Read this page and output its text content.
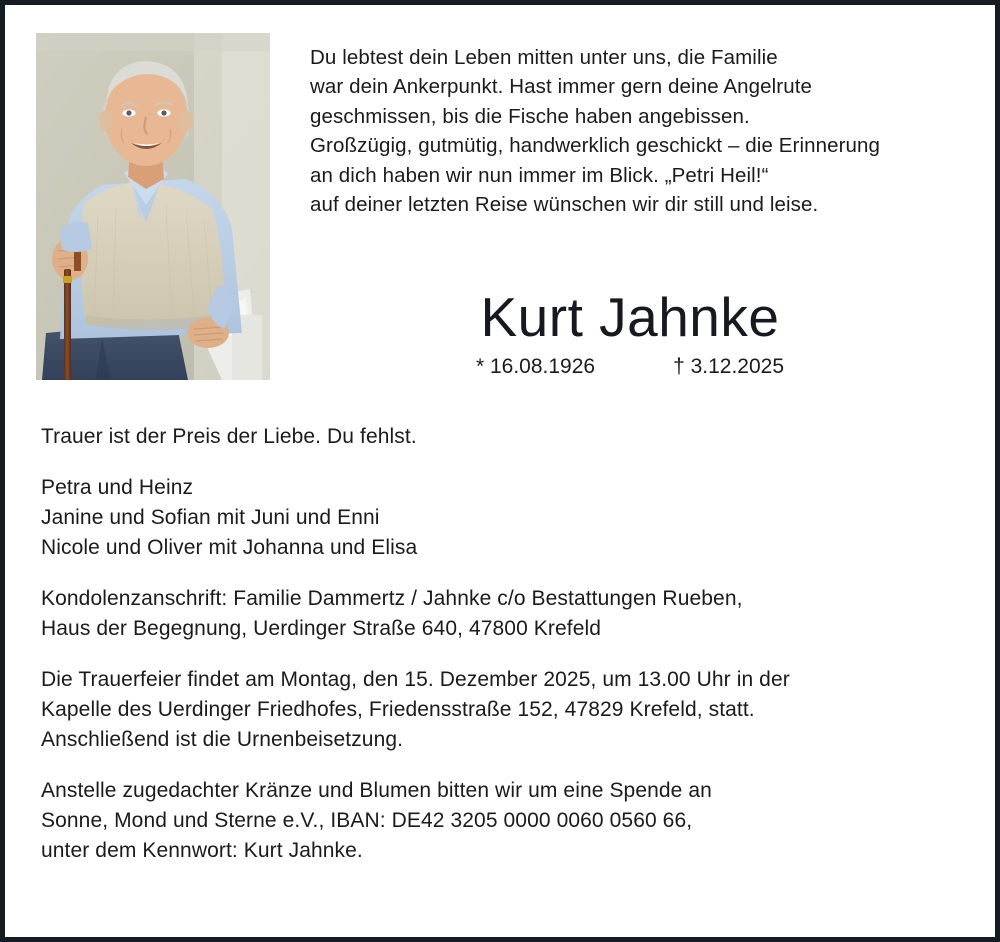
Du lebtest dein Leben mitten unter uns, die Familie
war dein Ankerpunkt. Hast immer gern deine Angelrute
geschmissen, bis die Fische haben angebissen.
Großzügig, gutmütig, handwerklich geschickt – die Erinnerung
an dich haben wir nun immer im Blick. „Petri Heil!“
auf deiner letzten Reise wünschen wir dir still und leise.
Kurt Jahnke
* 16.08.1926	† 3.12.2025

Trauer ist der Preis der Liebe. Du fehlst.

Petra und Heinz
Janine und Sofian mit Juni und Enni
Nicole und Oliver mit Johanna und Elisa

Kondolenzanschrift: Familie Dammertz / Jahnke c/o Bestattungen Rueben,
Haus der Begegnung, Uerdinger Straße 640, 47800 Krefeld

Die Trauerfeier findet am Montag, den 15. Dezember 2025, um 13.00 Uhr in der
Kapelle des Uerdinger Friedhofes, Friedensstraße 152, 47829 Krefeld, statt.
Anschließend ist die Urnenbeisetzung.

Anstelle zugedachter Kränze und Blumen bitten wir um eine Spende an
Sonne, Mond und Sterne e.V., IBAN: DE42 3205 0000 0060 0560 66,
unter dem Kennwort: Kurt Jahnke.
